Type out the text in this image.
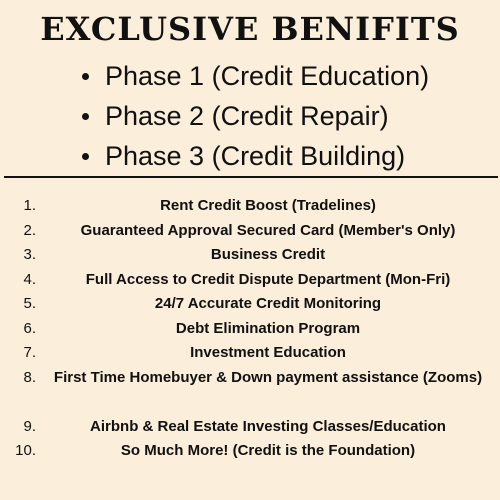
EXCLUSIVE BENIFITS
Phase 1 (Credit Education)
Phase 2 (Credit Repair)
Phase 3 (Credit Building)
1.	Rent Credit Boost (Tradelines)
2.	Guaranteed Approval Secured Card (Member's Only)
3.	Business Credit
4.	Full Access to Credit Dispute Department (Mon-Fri)
5.	24/7 Accurate Credit Monitoring
6.	Debt Elimination Program
7.	Investment Education
8.	First Time Homebuyer & Down payment assistance (Zooms)
9.	Airbnb & Real Estate Investing Classes/Education
10.	So Much More! (Credit is the Foundation)
